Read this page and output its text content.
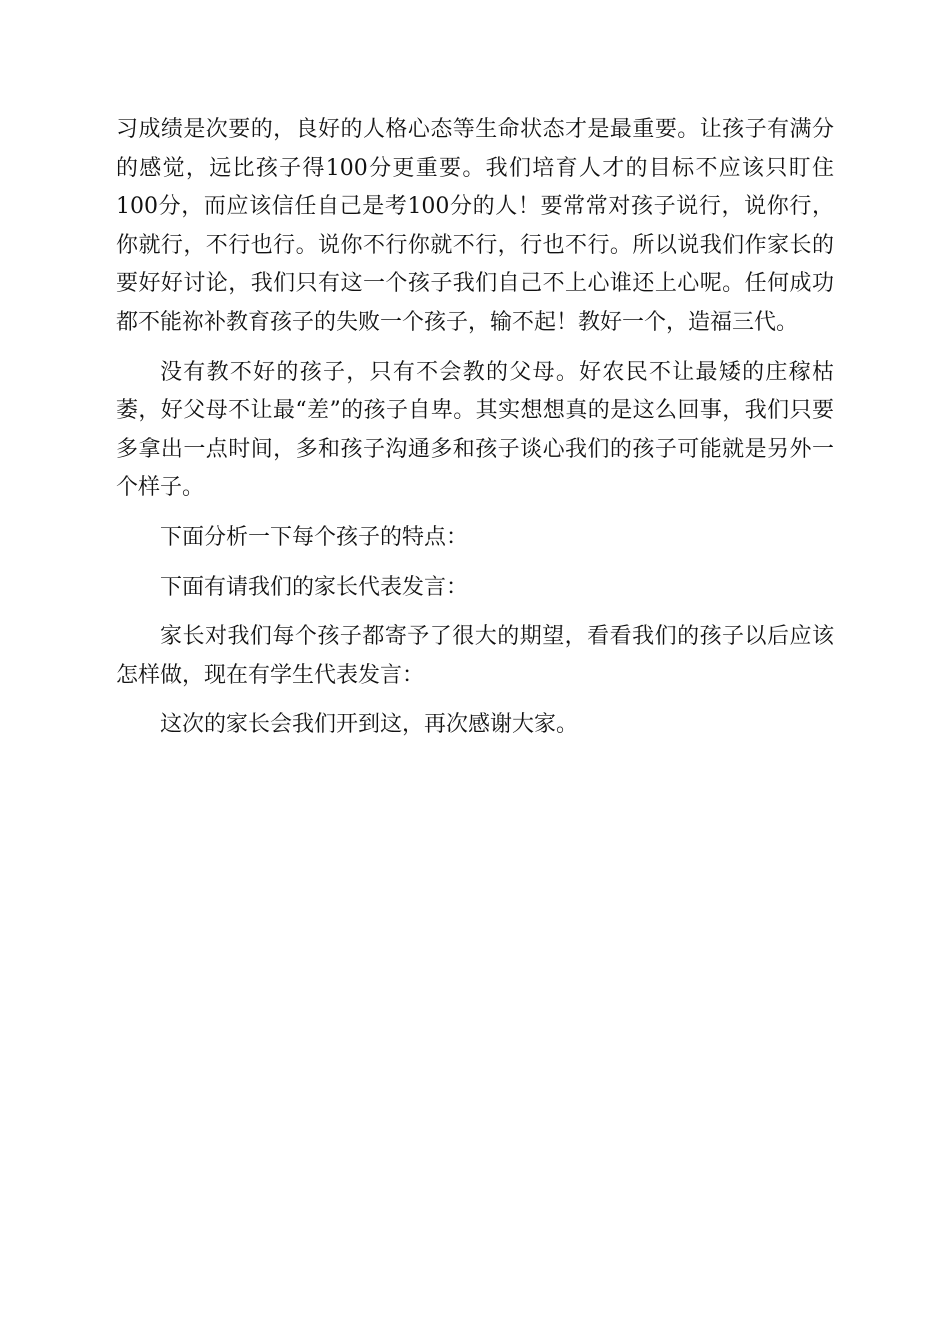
习成绩是次要的，良好的人格心态等生命状态才是最重要。让孩子有满分的感觉，远比孩子得100分更重要。我们培育人才的目标不应该只盯住100分，而应该信任自己是考100分的人！要常常对孩子说行，说你行，你就行，不行也行。说你不行你就不行，行也不行。所以说我们作家长的要好好讨论，我们只有这一个孩子我们自己不上心谁还上心呢。任何成功都不能祢补教育孩子的失败一个孩子，输不起！教好一个，造福三代。

没有教不好的孩子，只有不会教的父母。好农民不让最矮的庄稼枯萎，好父母不让最“差”的孩子自卑。其实想想真的是这么回事，我们只要多拿出一点时间，多和孩子沟通多和孩子谈心我们的孩子可能就是另外一个样子。

下面分析一下每个孩子的特点：

下面有请我们的家长代表发言：

家长对我们每个孩子都寄予了很大的期望，看看我们的孩子以后应该怎样做，现在有学生代表发言：

这次的家长会我们开到这，再次感谢大家。
